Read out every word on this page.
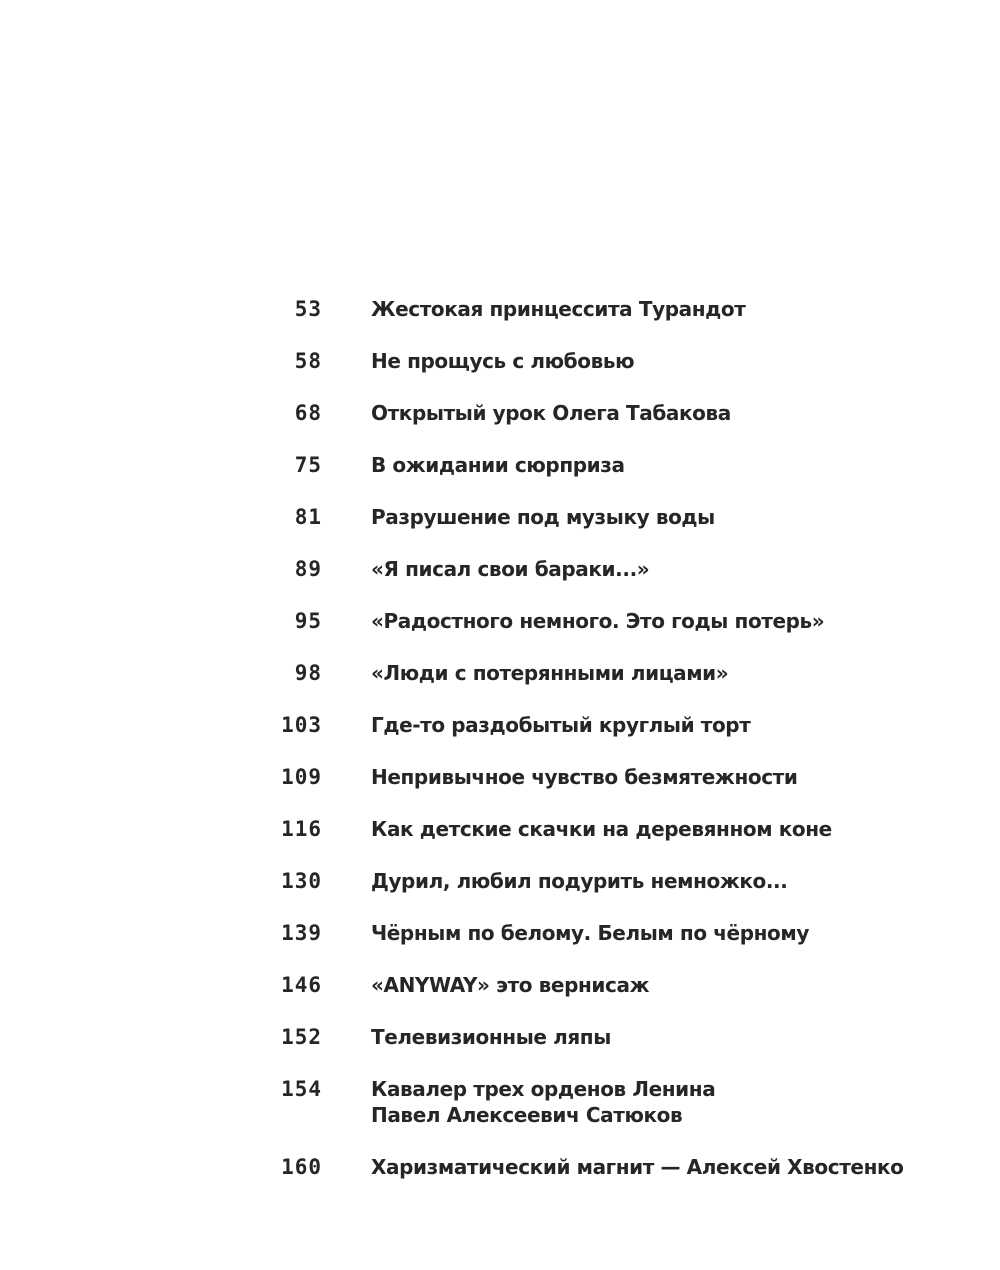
53 Жестокая принцессита Турандот
58 Не прощусь с любовью
68 Открытый урок Олега Табакова
75 В ожидании сюрприза
81 Разрушение под музыку воды
89 «Я писал свои бараки...»
95 «Радостного немного. Это годы потерь»
98 «Люди с потерянными лицами»
103 Где-то раздобытый круглый торт
109 Непривычное чувство безмятежности
116 Как детские скачки на деревянном коне
130 Дурил, любил подурить немножко...
139 Чёрным по белому. Белым по чёрному
146 «ANYWAY» это вернисаж
152 Телевизионные ляпы
154 Кавалер трех орденов Ленина
Павел Алексеевич Сатюков
160 Харизматический магнит — Алексей Хвостенко
